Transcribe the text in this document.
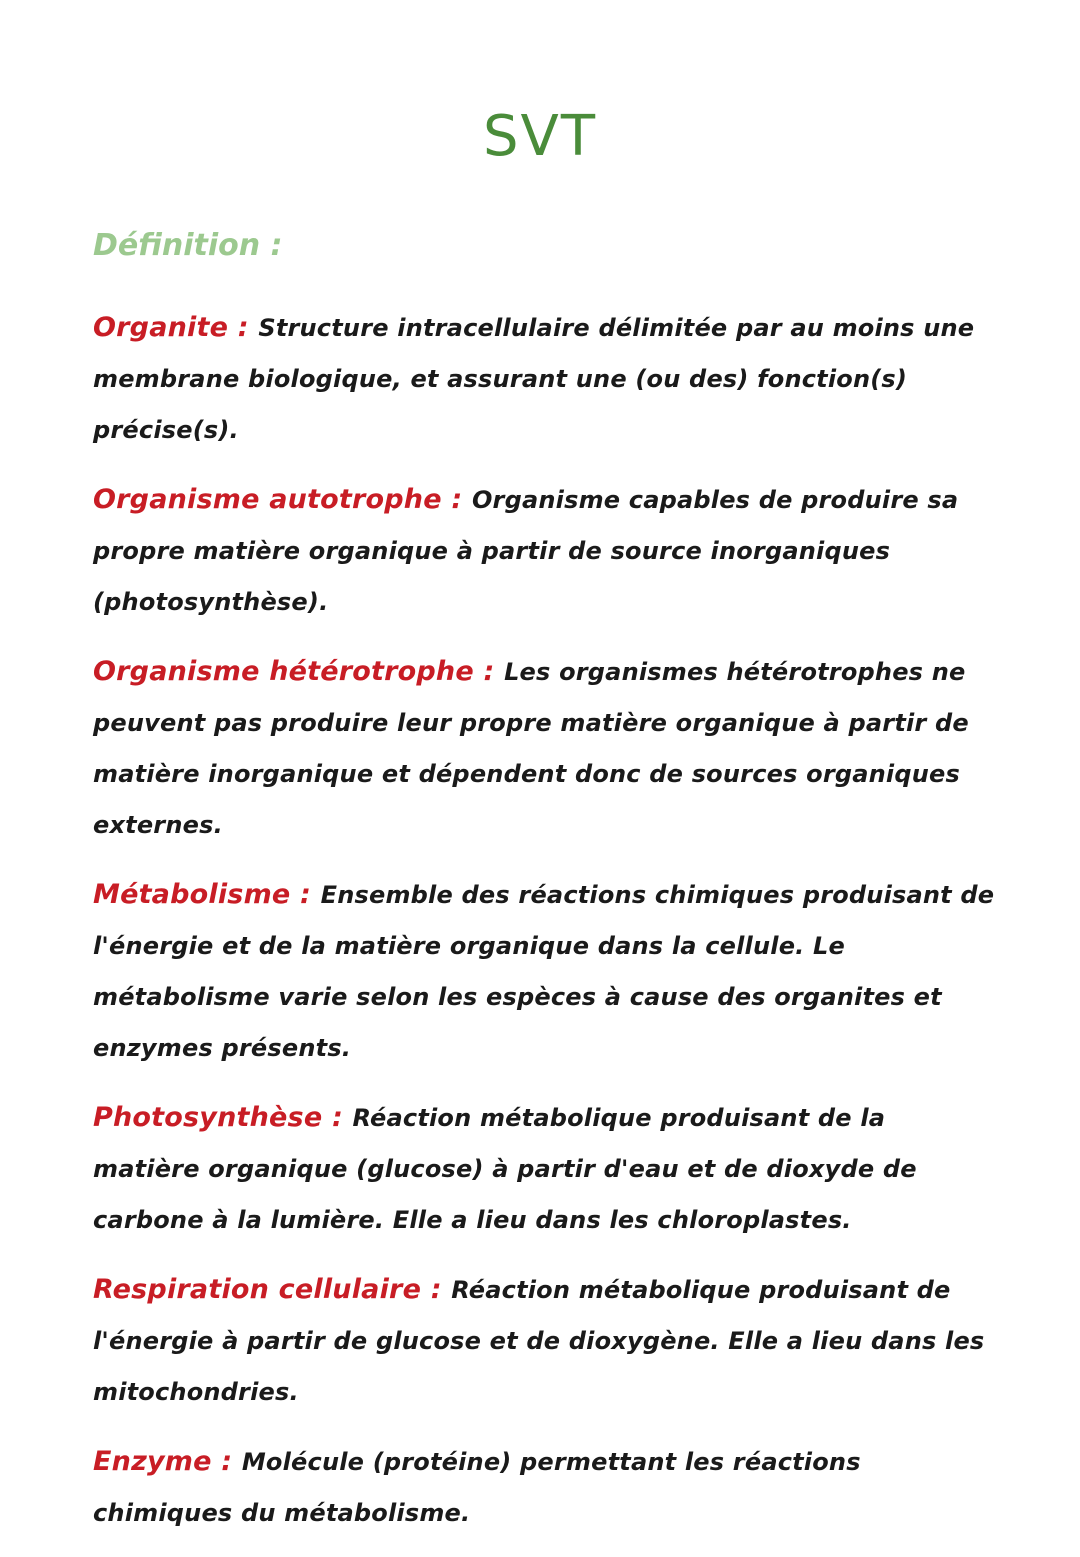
SVT
Définition :
Organite : Structure intracellulaire délimitée par au moins une membrane biologique, et assurant une (ou des) fonction(s) précise(s).
Organisme autotrophe : Organisme capables de produire sa propre matière organique à partir de source inorganiques (photosynthèse).
Organisme hétérotrophe : Les organismes hétérotrophes ne peuvent pas produire leur propre matière organique à partir de matière inorganique et dépendent donc de sources organiques externes.
Métabolisme : Ensemble des réactions chimiques produisant de l'énergie et de la matière organique dans la cellule. Le métabolisme varie selon les espèces à cause des organites et enzymes présents.
Photosynthèse : Réaction métabolique produisant de la matière organique (glucose) à partir d'eau et de dioxyde de carbone à la lumière. Elle a lieu dans les chloroplastes.
Respiration cellulaire : Réaction métabolique produisant de l'énergie à partir de glucose et de dioxygène. Elle a lieu dans les mitochondries.
Enzyme : Molécule (protéine) permettant les réactions chimiques du métabolisme.
